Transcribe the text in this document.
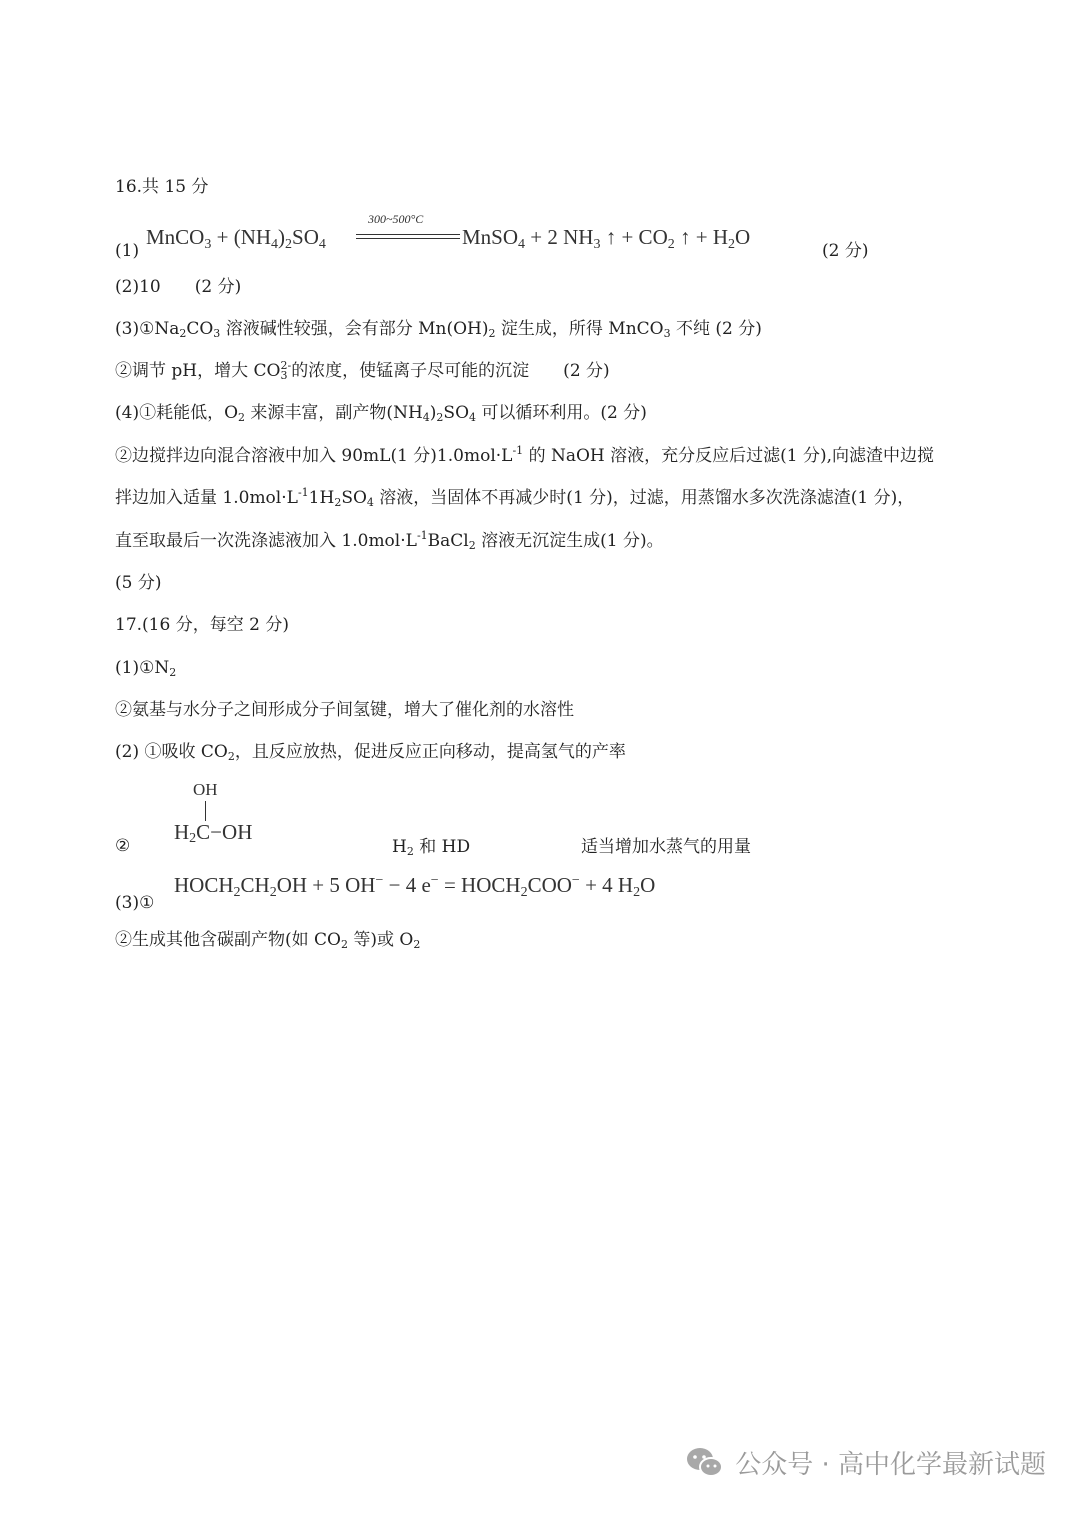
16.共 15 分
(1)
MnCO$_3$ + $(NH_4)_2SO_4$
300~500°C
MnSO$_4$ + 2 $NH_3$ ↑ + $CO_2$ ↑ + $H_2O$
(2 分)
(2)10　　(2 分)
$(3)①Na_2CO_3$ 溶液碱性较强，会有部分 $Mn(OH)_2$ 淀生成，所得 MnCO$_3$ 不纯 (2 分)
②调节 pH，增大 $CO_3^{2-}$的浓度，使锰离子尽可能的沉淀　　(2 分)
(4)①耗能低，$O_2$ 来源丰富，副产物$(NH_4)_2SO_4$ 可以循环利用。(2 分)
②边搅拌边向混合溶液中加入 90mL(1 分)$1.0mol\cdot L^{-1}$ 的 NaOH 溶液，充分反应后过滤(1 分),向滤渣中边搅
拌边加入适量 $1.0mol\cdot L^{-1}1H_2SO_4$ 溶液，当固体不再减少时(1 分)，过滤，用蒸馏水多次洗涤滤渣(1 分)，
直至取最后一次洗涤滤液加入 $1.0mol\cdot L^{-1}BaCl_2$ 溶液无沉淀生成(1 分)。
(5 分)
17.(16 分，每空 2 分)
$(1)①N_2$
②氨基与水分子之间形成分子间氢键，增大了催化剂的水溶性
(2) ①吸收 $CO_2$，且反应放热，促进反应正向移动，提高氢气的产率
②
OH
$H_2C-OH$
$H_2$ 和 HD	适当增加水蒸气的用量
(3)①
$HOCH_2CH_2OH + 5$ OH− − 4 $e^- = HOCH_2COO^- + 4$ $H_2O$
②生成其他含碳副产物(如 $CO_2$ 等)或 $O_2$
公众号 · 高中化学最新试题
